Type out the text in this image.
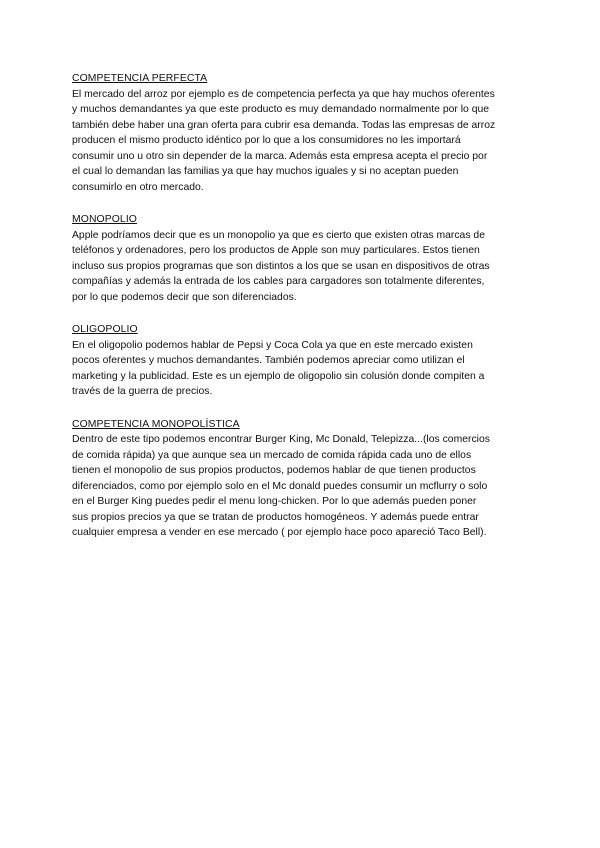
COMPETENCIA PERFECTA

El mercado del arroz por ejemplo es de competencia perfecta ya que hay muchos oferentes
y muchos demandantes ya que este producto es muy demandado normalmente por lo que
también debe haber una gran oferta para cubrir esa demanda. Todas las empresas de arroz
producen el mismo producto idéntico por lo que a los consumidores no les importará
consumir uno u otro sin depender de la marca. Además esta empresa acepta el precio por
el cual lo demandan las familias ya que hay muchos iguales y si no aceptan pueden
consumirlo en otro mercado.

MONOPOLIO

Apple podríamos decir que es un monopolio ya que es cierto que existen otras marcas de
teléfonos y ordenadores, pero los productos de Apple son muy particulares. Estos tienen
incluso sus propios programas que son distintos a los que se usan en dispositivos de otras
compañías y además la entrada de los cables para cargadores son totalmente diferentes,
por lo que podemos decir que son diferenciados.

OLIGOPOLIO

En el oligopolio podemos hablar de Pepsi y Coca Cola ya que en este mercado existen
pocos oferentes y muchos demandantes. También podemos apreciar como utilizan el
marketing y la publicidad. Este es un ejemplo de oligopolio sin colusión donde compiten a
través de la guerra de precios.

COMPETENCIA MONOPOLÍSTICA

Dentro de este tipo podemos encontrar Burger King, Mc Donald, Telepizza...(los comercios
de comida rápida) ya que aunque sea un mercado de comida rápida cada uno de ellos
tienen el monopolio de sus propios productos, podemos hablar de que tienen productos
diferenciados, como por ejemplo solo en el Mc donald puedes consumir un mcflurry o solo
en el Burger King puedes pedir el menu long-chicken. Por lo que además pueden poner
sus propios precios ya que se tratan de productos homogéneos. Y además puede entrar
cualquier empresa a vender en ese mercado ( por ejemplo hace poco apareció Taco Bell).
